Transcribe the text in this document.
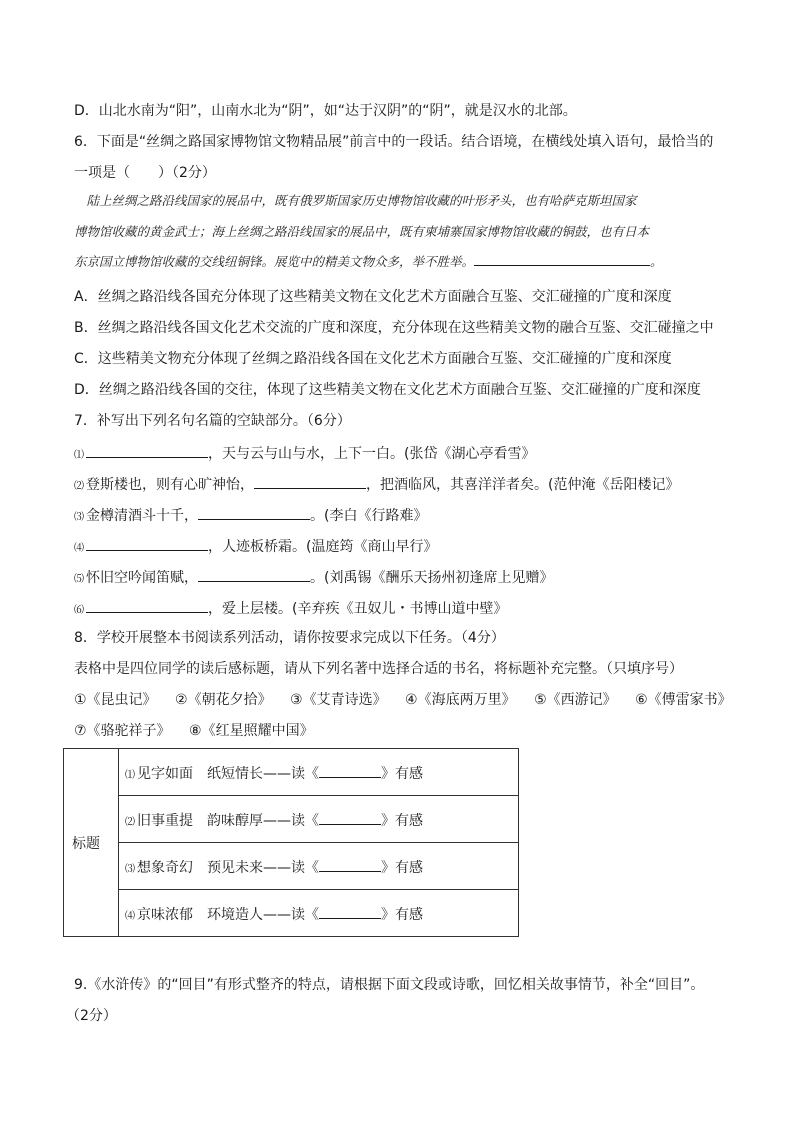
D．山北水南为“阳”，山南水北为“阴”，如“达于汉阴”的“阴”，就是汉水的北部。
6．下面是“丝绸之路国家博物馆文物精品展”前言中的一段话。结合语境，在横线处填入语句，最恰当的
一项是（　　）（2分）

　陆上丝绸之路沿线国家的展品中，既有俄罗斯国家历史博物馆收藏的叶形矛头，也有哈萨克斯坦国家

博物馆收藏的黄金武士；海上丝绸之路沿线国家的展品中，既有柬埔寨国家博物馆收藏的铜鼓，也有日本

东京国立博物馆收藏的交线纽铜锋。展览中的精美文物众多，举不胜举。	。

A．丝绸之路沿线各国充分体现了这些精美文物在文化艺术方面融合互鉴、交汇碰撞的广度和深度
B．丝绸之路沿线各国文化艺术交流的广度和深度，充分体现在这些精美文物的融合互鉴、交汇碰撞之中
C．这些精美文物充分体现了丝绸之路沿线各国在文化艺术方面融合互鉴、交汇碰撞的广度和深度
D．丝绸之路沿线各国的交往，体现了这些精美文物在文化艺术方面融合互鉴、交汇碰撞的广度和深度
7．补写出下列名句名篇的空缺部分。（6分）
⑴	，天与云与山与水，上下一白。(张岱《湖心亭看雪》
⑵ 登斯楼也，则有心旷神怡，	，把酒临风，其喜洋洋者矣。(范仲淹《岳阳楼记》
⑶ 金樽清酒斗十千，	。(李白《行路难》
⑷	，人迹板桥霜。(温庭筠《商山早行》
⑸ 怀旧空吟闻笛赋，	。(刘禹锡《酬乐天扬州初逢席上见赠》
⑹	，爱上层楼。(辛弃疾《丑奴儿・书博山道中壁》
8．学校开展整本书阅读系列活动，请你按要求完成以下任务。（4分）
表格中是四位同学的读后感标题，请从下列名著中选择合适的书名，将标题补充完整。（只填序号）
①《昆虫记》 ②《朝花夕拾》 ③《艾青诗选》 ④《海底两万里》 ⑤《西游记》 ⑥《傅雷家书》
⑦《骆驼祥子》 ⑧《红星照耀中国》
标题	⑴ 见字如面　纸短情长——读《	》有感
⑵ 旧事重提　韵味醇厚——读《	》有感
⑶ 想象奇幻　预见未来——读《	》有感
⑷ 京味浓郁　环境造人——读《	》有感
9.《水浒传》的“回目”有形式整齐的特点，请根据下面文段或诗歌，回忆相关故事情节，补全“回目”。
（2分）
